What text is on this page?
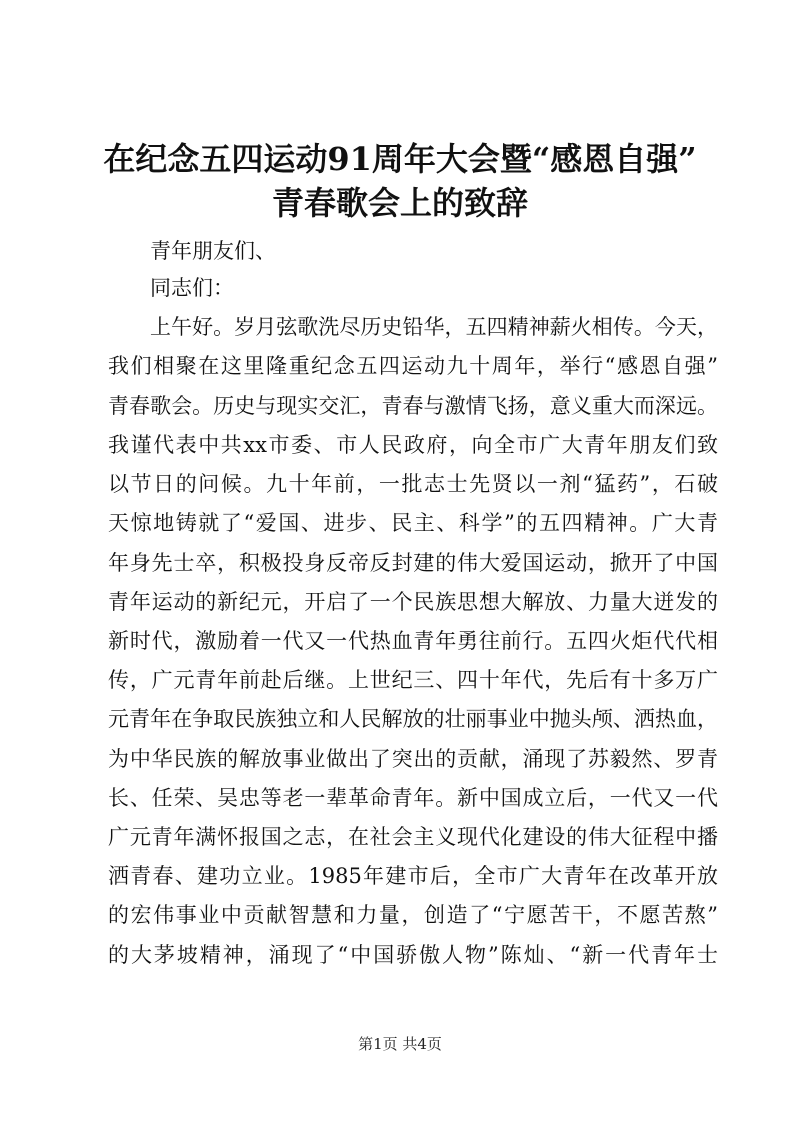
在纪念五四运动91周年大会暨“感恩自强”
青春歌会上的致辞
青年朋友们、
同志们：
上午好。岁月弦歌洗尽历史铅华，五四精神薪火相传。今天，
我们相聚在这里隆重纪念五四运动九十周年，举行“感恩自强”
青春歌会。历史与现实交汇，青春与激情飞扬，意义重大而深远。
我谨代表中共xx市委、市人民政府，向全市广大青年朋友们致
以节日的问候。九十年前，一批志士先贤以一剂“猛药”，石破
天惊地铸就了“爱国、进步、民主、科学”的五四精神。广大青
年身先士卒，积极投身反帝反封建的伟大爱国运动，掀开了中国
青年运动的新纪元，开启了一个民族思想大解放、力量大迸发的
新时代，激励着一代又一代热血青年勇往前行。五四火炬代代相
传，广元青年前赴后继。上世纪三、四十年代，先后有十多万广
元青年在争取民族独立和人民解放的壮丽事业中抛头颅、洒热血，
为中华民族的解放事业做出了突出的贡献，涌现了苏毅然、罗青
长、任荣、吴忠等老一辈革命青年。新中国成立后，一代又一代
广元青年满怀报国之志，在社会主义现代化建设的伟大征程中播
洒青春、建功立业。1985年建市后，全市广大青年在改革开放
的宏伟事业中贡献智慧和力量，创造了“宁愿苦干，不愿苦熬”
的大茅坡精神，涌现了“中国骄傲人物”陈灿、“新一代青年士
第1页 共4页
